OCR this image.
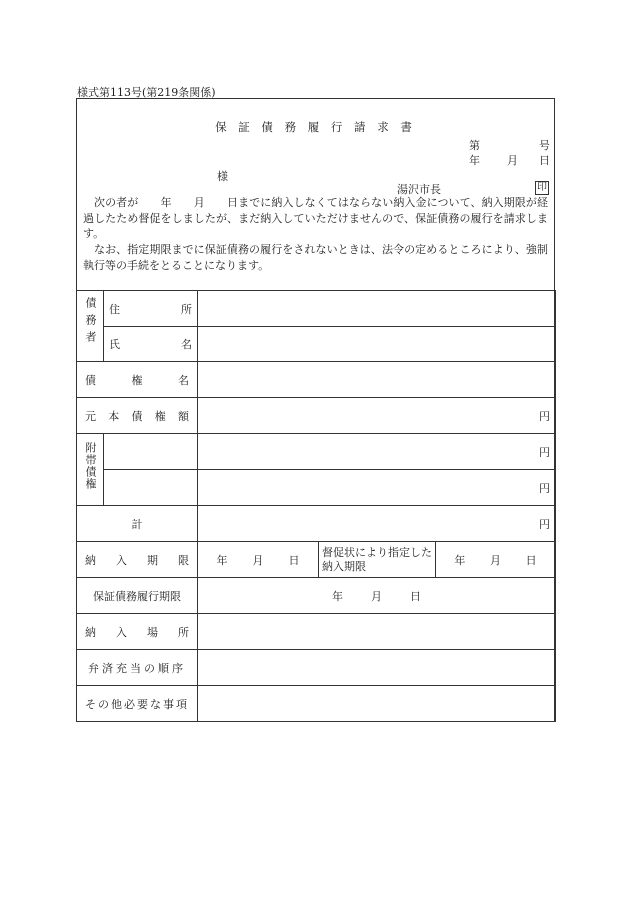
様式第113号(第219条関係)
保 証 債 務 履 行 請 求 書
第	号
年 月 日
様
湯沢市長	印
次の者が　　年　　月　　日までに納入しなくてはならない納入金について、納入期限が経過したため督促をしましたが、まだ納入していただけませんので、保証債務の履行を請求します。
なお、指定期限までに保証債務の履行をされないときは、法令の定めるところにより、強制執行等の手続をとることになります。
債務者	住 所			

	氏 名			

債 権 名				

元 本 債 権 額		円		
附帯債権		円		
		円		
計		円		

納 入 期 限		年 月 日	督促状により指定した納入期限	年 月 日

保証債務履行期限		年 月 日		

納 入 場 所				

弁済充当の順序				
その他必要な事項				
